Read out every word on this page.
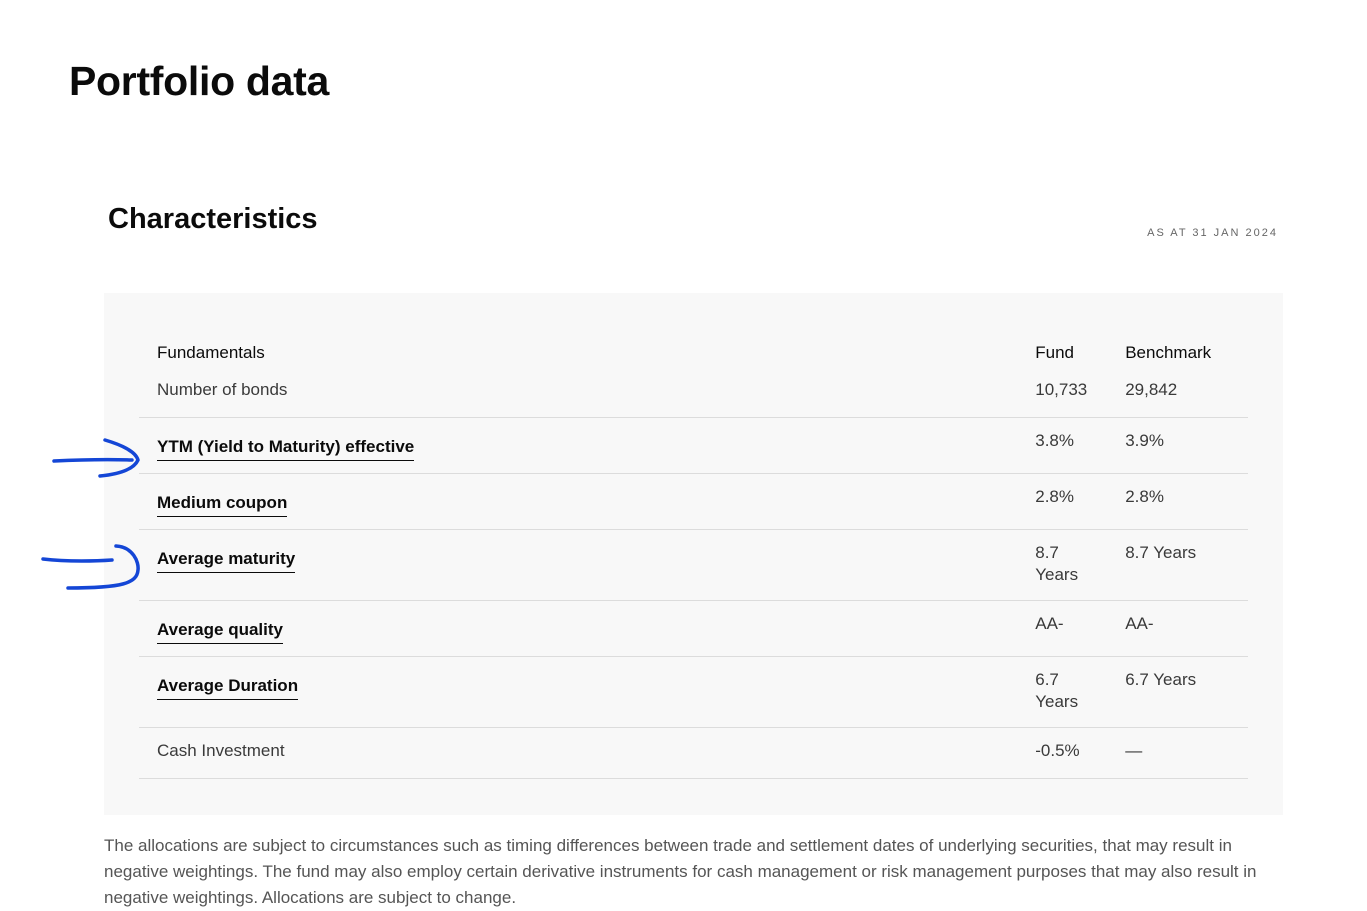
Portfolio data
Characteristics	AS AT 31 JAN 2024
Fundamentals	Fund	Benchmark
Number of bonds	10,733	29,842
YTM (Yield to Maturity) effective	3.8%	3.9%
Medium coupon	2.8%	2.8%
Average maturity	8.7 Years	8.7 Years
Average quality	AA-	AA-
Average Duration	6.7 Years	6.7 Years
Cash Investment	-0.5%	—

The allocations are subject to circumstances such as timing differences between trade and settlement dates of underlying securities, that may result in negative weightings. The fund may also employ certain derivative instruments for cash management or risk management purposes that may also result in negative weightings. Allocations are subject to change.
